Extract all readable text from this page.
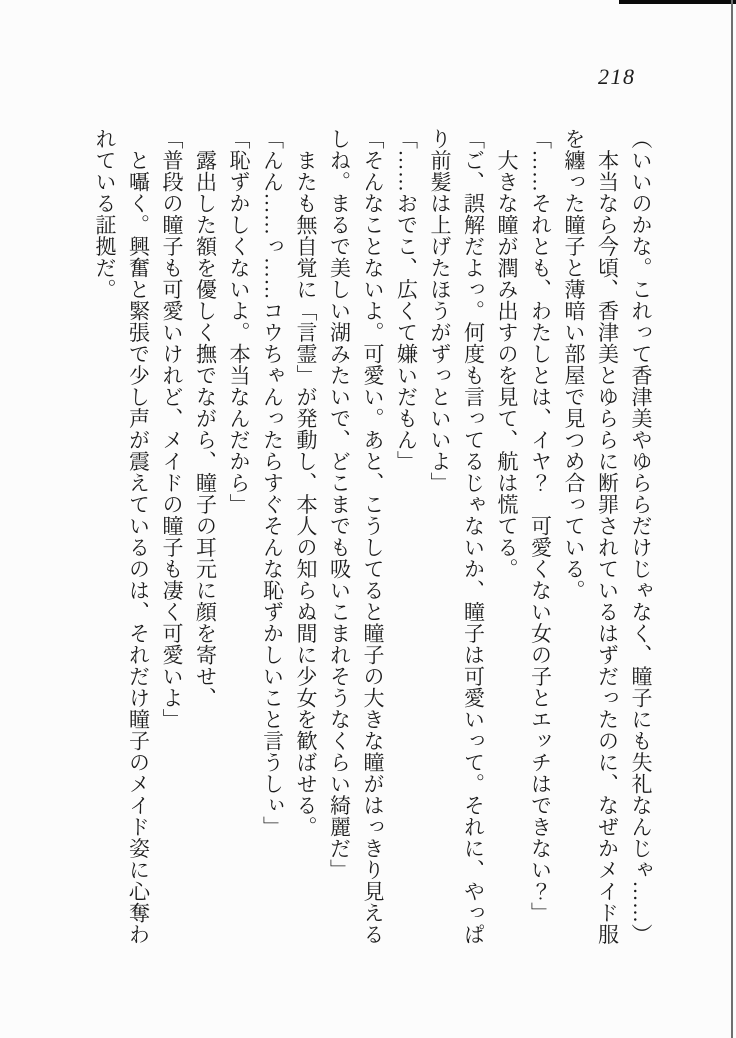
218

（いいのかな。これって香津美やゆららだけじゃなく、瞳子にも失礼なんじゃ……）

　本当なら今頃、香津美とゆららに断罪されているはずだったのに、なぜかメイド服

を纏った瞳子と薄暗い部屋で見つめ合っている。

「……それとも、わたしとは、イヤ？　可愛くない女の子とエッチはできない？」

　大きな瞳が潤み出すのを見て、航は慌てる。

「ご、誤解だよっ。何度も言ってるじゃないか、瞳子は可愛いって。それに、やっぱ

り前髪は上げたほうがずっといいよ」

「……おでこ、広くて嫌いだもん」

「そんなことないよ。可愛い。あと、こうしてると瞳子の大きな瞳がはっきり見える

しね。まるで美しい湖みたいで、どこまでも吸いこまれそうなくらい綺麗だ」

　またも無自覚に「言霊」が発動し、本人の知らぬ間に少女を歓ばせる。

「んん……っ……コウちゃんったらすぐそんな恥ずかしいこと言うしぃ」

「恥ずかしくないよ。本当なんだから」

　露出した額を優しく撫でながら、瞳子の耳元に顔を寄せ、

「普段の瞳子も可愛いけれど、メイドの瞳子も凄く可愛いよ」

　と囁く。興奮と緊張で少し声が震えているのは、それだけ瞳子のメイド姿に心奪わ

れている証拠だ。
